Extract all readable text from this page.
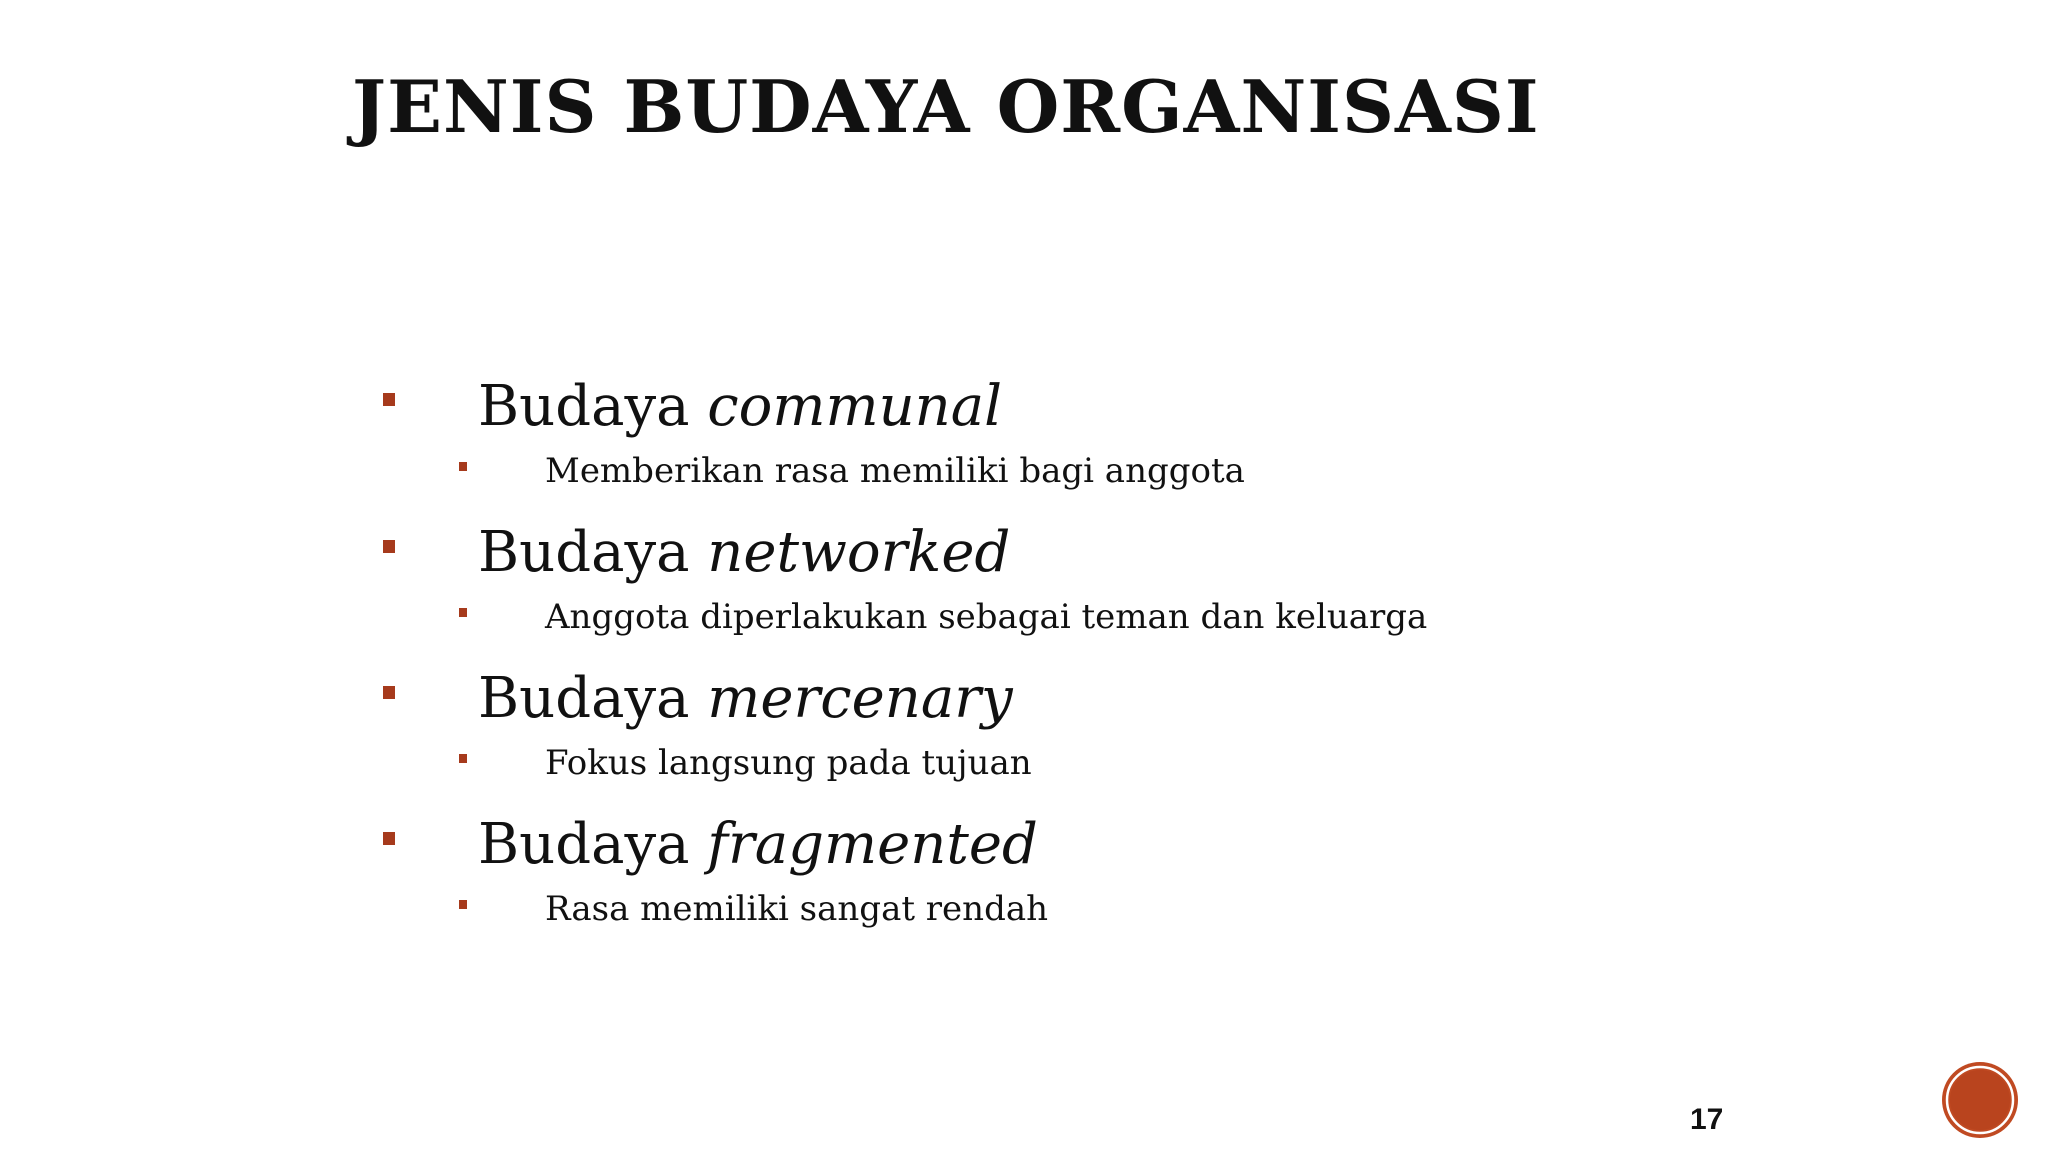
JENIS BUDAYA ORGANISASI
Budaya communal
Memberikan rasa memiliki bagi anggota
Budaya networked
Anggota diperlakukan sebagai teman dan keluarga
Budaya mercenary
Fokus langsung pada tujuan
Budaya fragmented
Rasa memiliki sangat rendah
17
